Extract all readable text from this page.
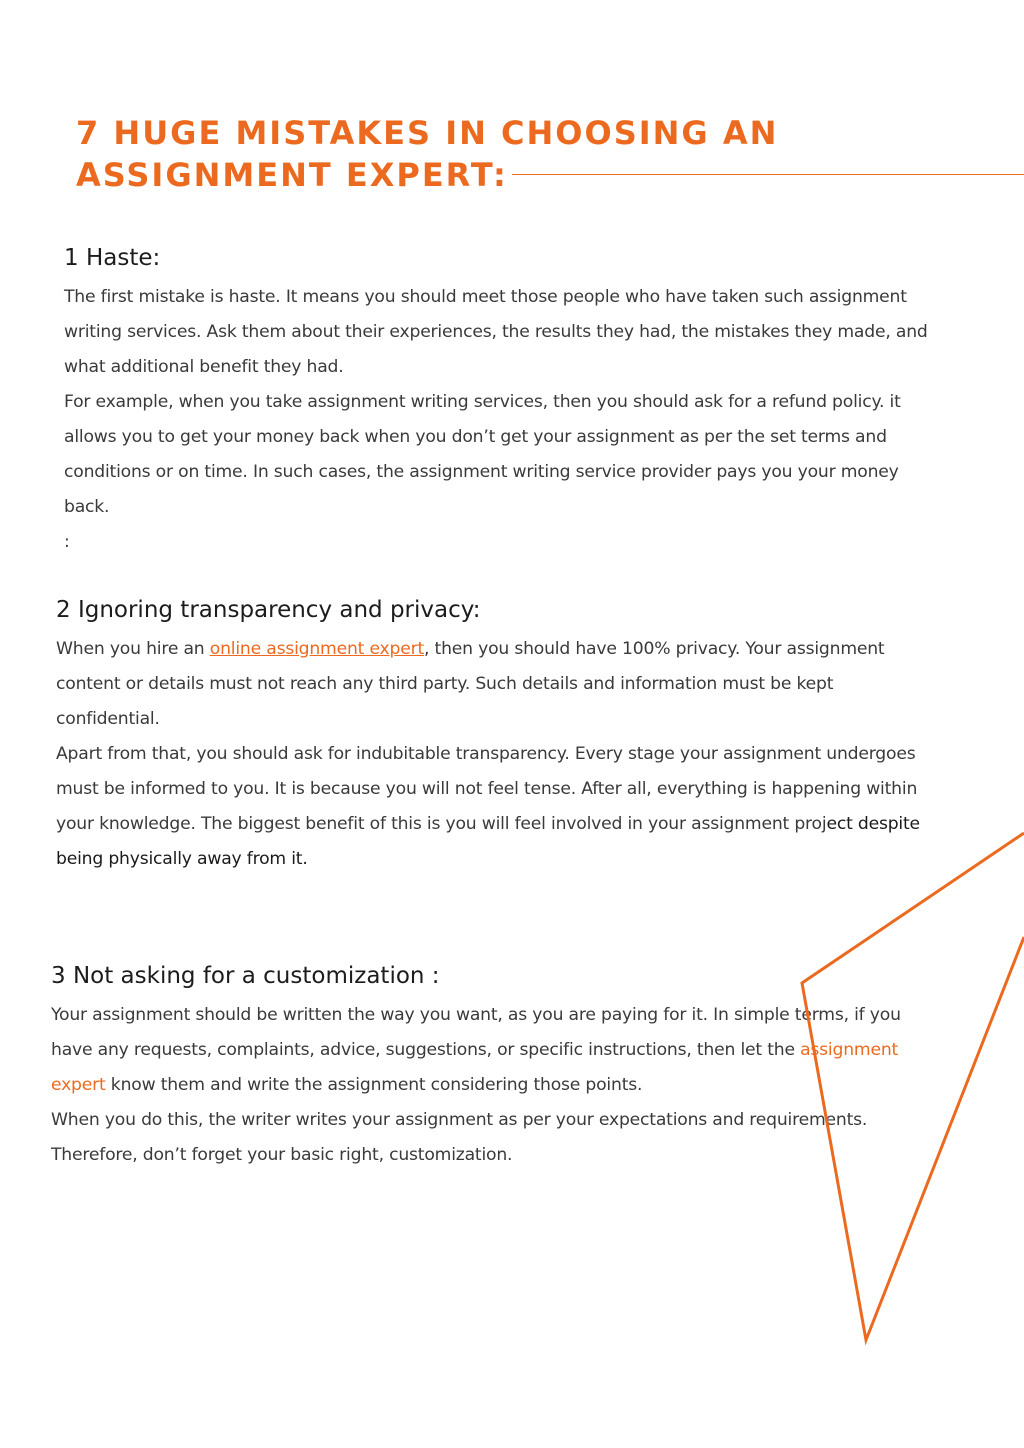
7 HUGE MISTAKES IN CHOOSING AN
ASSIGNMENT EXPERT:
1 Haste:

The first mistake is haste. It means you should meet those people who have taken such assignment writing services. Ask them about their experiences, the results they had, the mistakes they made, and what additional benefit they had.

For example, when you take assignment writing services, then you should ask for a refund policy. it allows you to get your money back when you don’t get your assignment as per the set terms and conditions or on time. In such cases, the assignment writing service provider pays you your money back.

:

2 Ignoring transparency and privacy:

When you hire an online assignment expert, then you should have 100% privacy. Your assignment content or details must not reach any third party. Such details and information must be kept confidential.

Apart from that, you should ask for indubitable transparency. Every stage your assignment undergoes must be informed to you. It is because you will not feel tense. After all, everything is happening within your knowledge. The biggest benefit of this is you will feel involved in your assignment project despite being physically away from it.

3 Not asking for a customization :

Your assignment should be written the way you want, as you are paying for it. In simple terms, if you have any requests, complaints, advice, suggestions, or specific instructions, then let the assignment expert know them and write the assignment considering those points.

When you do this, the writer writes your assignment as per your expectations and requirements. Therefore, don’t forget your basic right, customization.
